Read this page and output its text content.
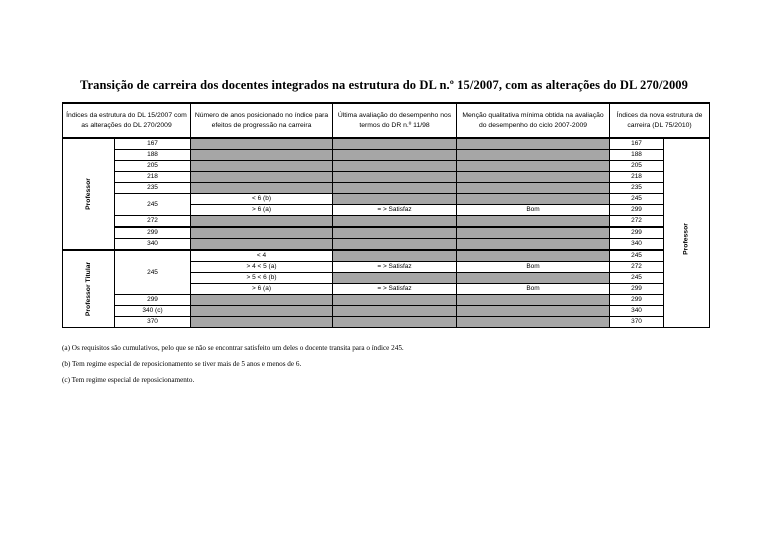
Transição de carreira dos docentes integrados na estrutura do DL n.º 15/2007, com as alterações do DL 270/2009
Índices da estrutura do DL 15/2007 com as alterações do DL 270/2009		Número de anos posicionado no índice para efeitos de progressão na carreira	Última avaliação do desempenho nos termos do DR n.º 11/98	Menção qualitativa mínima obtida na avaliação do desempenho do ciclo 2007-2009	Índices da nova estrutura de carreira (DL 75/2010)	

Professor	167				167	
	188				188	
	205				205	
	218				218	
	235				235	
	245	< 6 (b)			245	
		> 6 (a)	= > Satisfaz	Bom	299	
	272				272	
	299				299	
	340				340	

Professor Titular	245	< 4			245	
		> 4 < 5 (a)	= > Satisfaz	Bom	272	
		> 5 < 6 (b)			245	
		> 6 (a)	= > Satisfaz	Bom	299	
	299				299	
	340 (c)				340	
	370				370	
Professor
(a) Os requisitos são cumulativos, pelo que se não se encontrar satisfeito um deles o docente transita para o índice 245.
(b) Tem regime especial de reposicionamento se tiver mais de 5 anos e menos de 6.
(c) Tem regime especial de reposicionamento.
